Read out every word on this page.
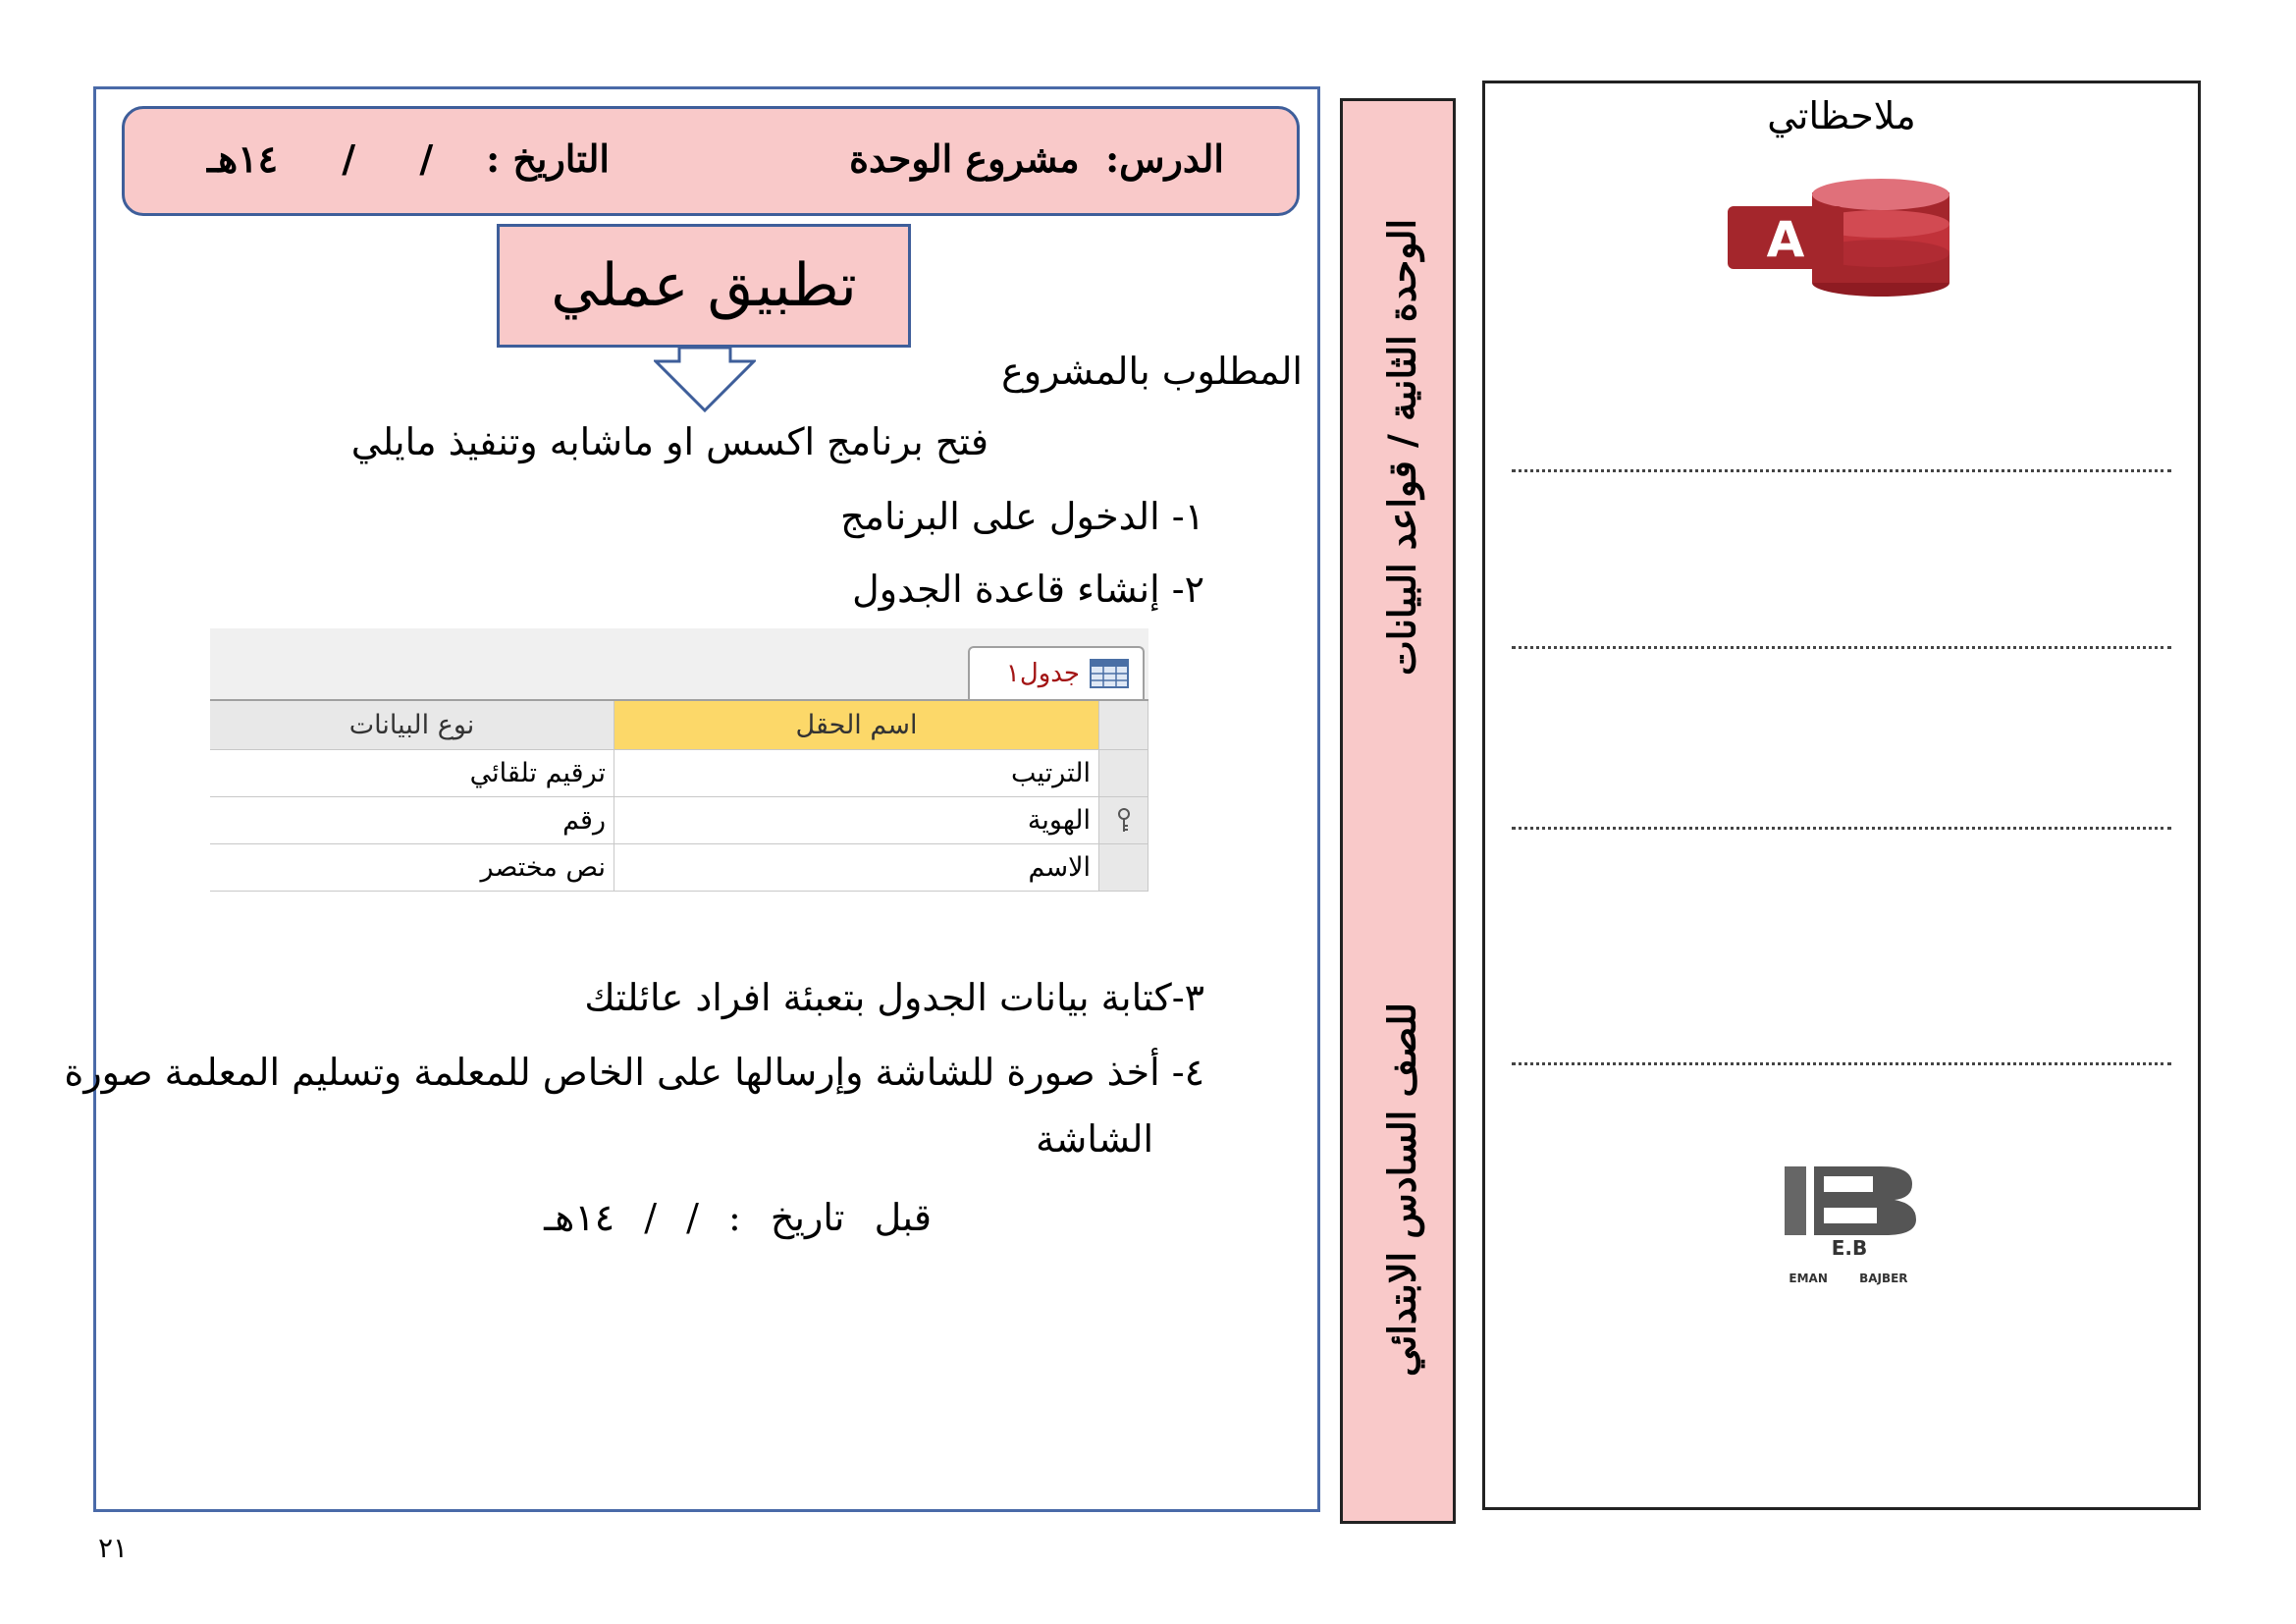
الدرس:  مشروع الوحدة
التاريخ :
/ / ١٤هـ
تطبيق عملي
المطلوب بالمشروع
فتح برنامج اكسس او ماشابه وتنفيذ مايلي
١- الدخول على البرنامج
٢- إنشاء قاعدة الجدول
جدول١
اسم الحقل
نوع البيانات
الترتيب
ترقيم تلقائي
الهوية
رقم
الاسم
نص مختصر
٣-كتابة بيانات الجدول بتعبئة افراد عائلتك
٤- أخذ صورة للشاشة وإرسالها على الخاص للمعلمة وتسليم المعلمة صورة
الشاشة
قبل تاريخ : / / ١٤هـ
الوحدة الثانية / قواعد البيانات
للصف السادس الابتدائي
ملاحظاتي
A
E.B
EMAN BAJBER
٢١
